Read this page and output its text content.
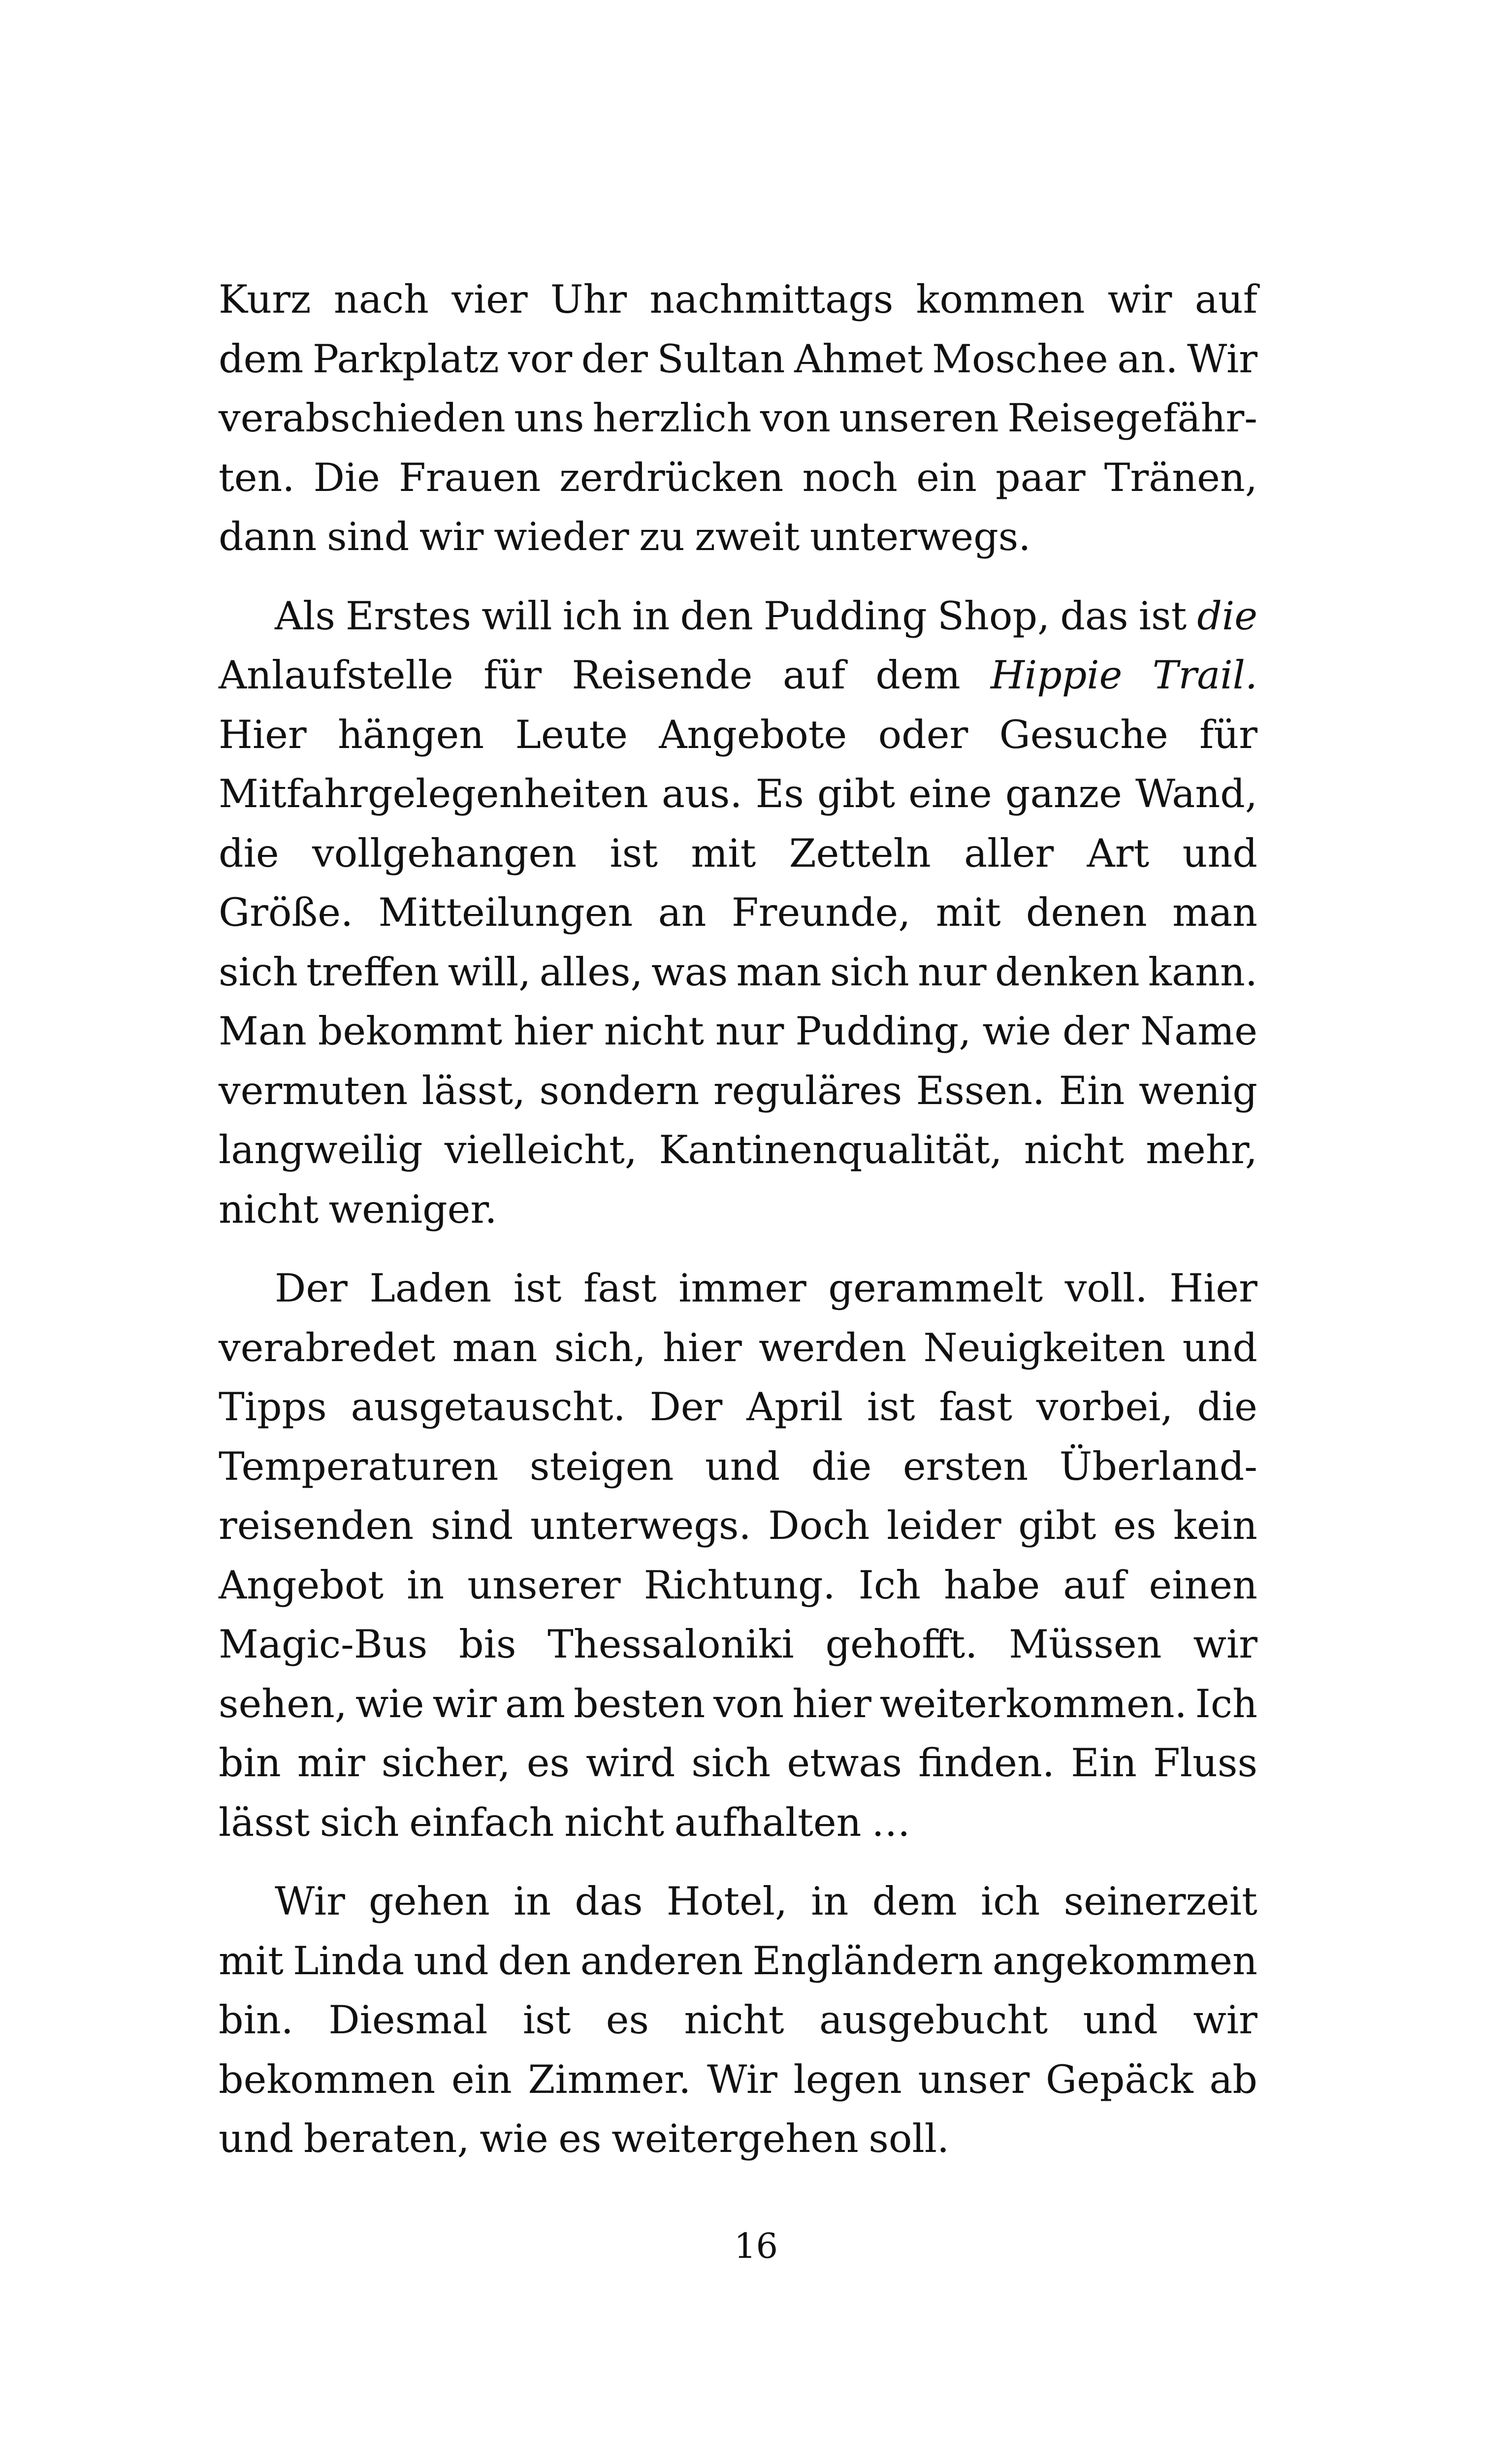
Kurz nach vier Uhr nachmittags kommen wir auf
dem Parkplatz vor der Sultan Ahmet Moschee an. Wir
verabschieden uns herzlich von unseren Reisegefähr-
ten. Die Frauen zerdrücken noch ein paar Tränen,
dann sind wir wieder zu zweit unterwegs.
Als Erstes will ich in den Pudding Shop, das ist die
Anlaufstelle für Reisende auf dem Hippie Trail.
Hier hängen Leute Angebote oder Gesuche für
Mitfahrgelegenheiten aus. Es gibt eine ganze Wand,
die vollgehangen ist mit Zetteln aller Art und
Größe. Mitteilungen an Freunde, mit denen man
sich treffen will, alles, was man sich nur denken kann.
Man bekommt hier nicht nur Pudding, wie der Name
vermuten lässt, sondern reguläres Essen. Ein wenig
langweilig vielleicht, Kantinenqualität, nicht mehr,
nicht weniger.
Der Laden ist fast immer gerammelt voll. Hier
verabredet man sich, hier werden Neuigkeiten und
Tipps ausgetauscht. Der April ist fast vorbei, die
Temperaturen steigen und die ersten Überland-
reisenden sind unterwegs. Doch leider gibt es kein
Angebot in unserer Richtung. Ich habe auf einen
Magic-Bus bis Thessaloniki gehofft. Müssen wir
sehen, wie wir am besten von hier weiterkommen. Ich
bin mir sicher, es wird sich etwas finden. Ein Fluss
lässt sich einfach nicht aufhalten …
Wir gehen in das Hotel, in dem ich seinerzeit
mit Linda und den anderen Engländern angekommen
bin. Diesmal ist es nicht ausgebucht und wir
bekommen ein Zimmer. Wir legen unser Gepäck ab
und beraten, wie es weitergehen soll.
16
